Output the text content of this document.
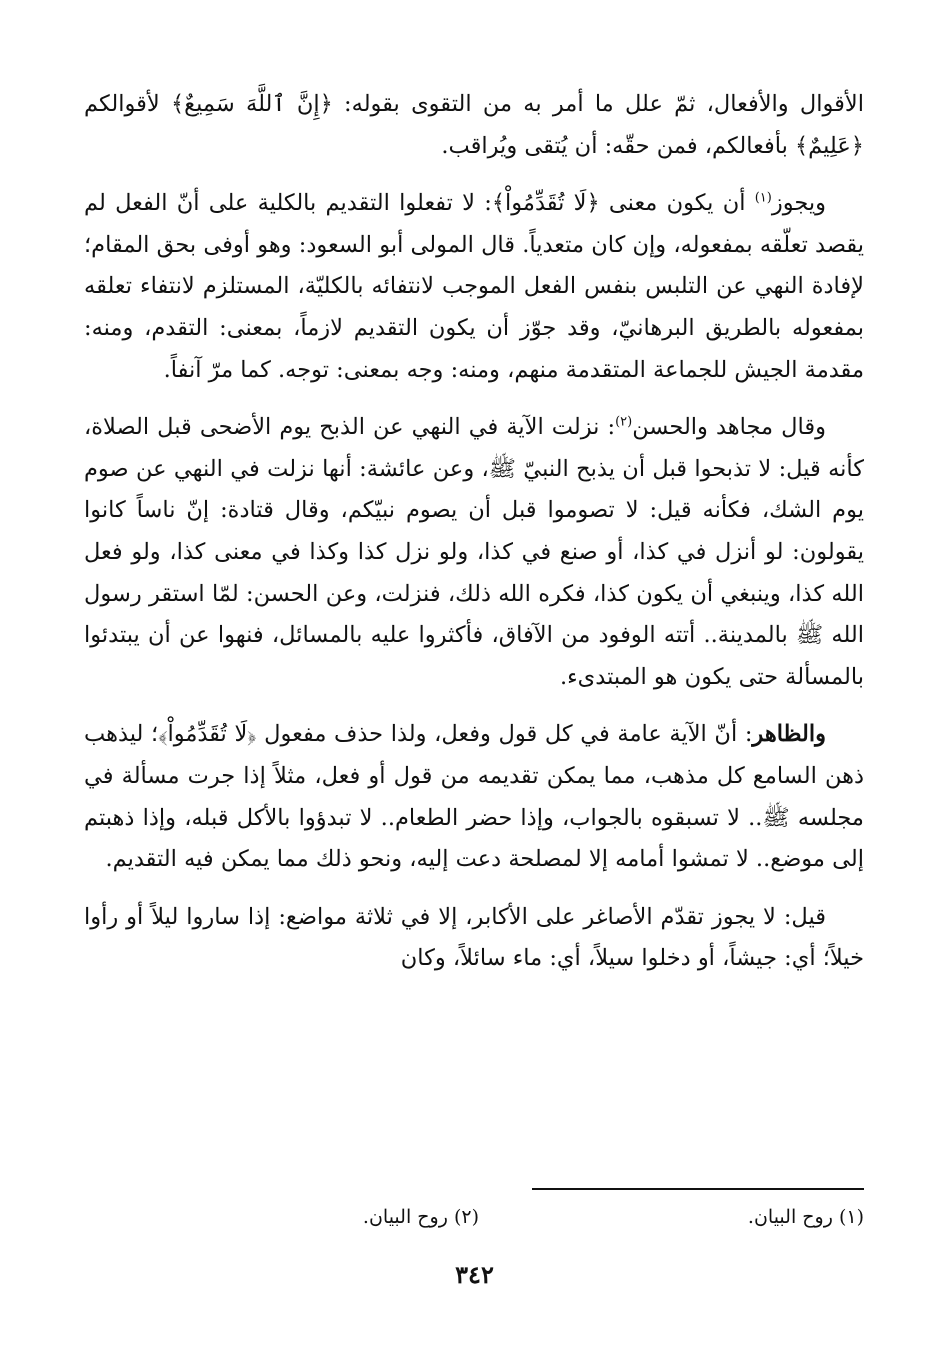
الأقوال والأفعال، ثمّ علل ما أمر به من التقوى بقوله: ﴿إِنَّ ٱللَّهَ سَمِيعٌ﴾ لأقوالكم ﴿عَلِيمٌ﴾ بأفعالكم، فمن حقّه: أن يُتقى ويُراقب.

ويجوز$^{(١)}$ أن يكون معنى ﴿لَا تُقَدِّمُواْ﴾: لا تفعلوا التقديم بالكلية على أنّ الفعل لم يقصد تعلّقه بمفعوله، وإن كان متعدياً. قال المولى أبو السعود: وهو أوفى بحق المقام؛ لإفادة النهي عن التلبس بنفس الفعل الموجب لانتفائه بالكليّة، المستلزم لانتفاء تعلقه بمفعوله بالطريق البرهانيّ، وقد جوّز أن يكون التقديم لازماً، بمعنى: التقدم، ومنه: مقدمة الجيش للجماعة المتقدمة منهم، ومنه: وجه بمعنى: توجه. كما مرّ آنفاً.

وقال مجاهد والحسن$^{(٢)}$: نزلت الآية في النهي عن الذبح يوم الأضحى قبل الصلاة، كأنه قيل: لا تذبحوا قبل أن يذبح النبيّ ﷺ، وعن عائشة: أنها نزلت في النهي عن صوم يوم الشك، فكأنه قيل: لا تصوموا قبل أن يصوم نبيّكم، وقال قتادة: إنّ ناساً كانوا يقولون: لو أنزل في كذا، أو صنع في كذا، ولو نزل كذا وكذا في معنى كذا، ولو فعل الله كذا، وينبغي أن يكون كذا، فكره الله ذلك، فنزلت، وعن الحسن: لمّا استقر رسول الله ﷺ بالمدينة.. أتته الوفود من الآفاق، فأكثروا عليه بالمسائل، فنهوا عن أن يبتدئوا بالمسألة حتى يكون هو المبتدىء.

والظاهر: أنّ الآية عامة في كل قول وفعل، ولذا حذف مفعول ﴿لَا تُقَدِّمُواْ﴾؛ ليذهب ذهن السامع كل مذهب، مما يمكن تقديمه من قول أو فعل، مثلاً إذا جرت مسألة في مجلسه ﷺ.. لا تسبقوه بالجواب، وإذا حضر الطعام.. لا تبدؤوا بالأكل قبله، وإذا ذهبتم إلى موضع.. لا تمشوا أمامه إلا لمصلحة دعت إليه، ونحو ذلك مما يمكن فيه التقديم.

قيل: لا يجوز تقدّم الأصاغر على الأكابر، إلا في ثلاثة مواضع: إذا ساروا ليلاً أو رأوا خيلاً؛ أي: جيشاً، أو دخلوا سيلاً، أي: ماء سائلاً، وكان

(١) روح البيان.
(٢) روح البيان.
٣٤٢
